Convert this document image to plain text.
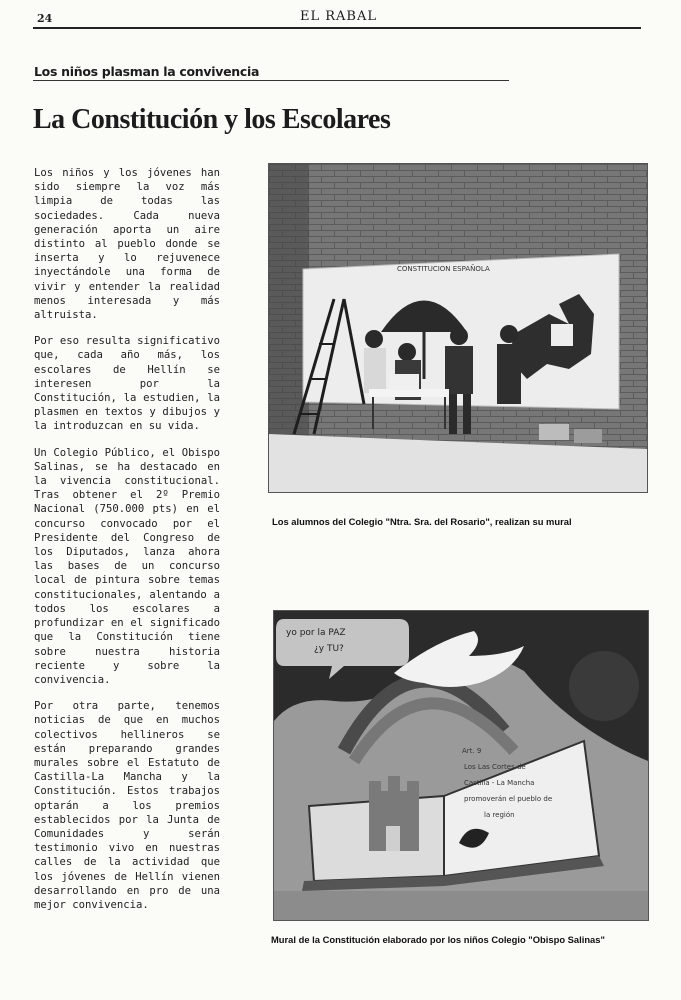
24	EL RABAL
Los niños plasman la convivencia
La Constitución y los Escolares

Los niños y los jóvenes han sido siempre la voz más limpia de todas las sociedades. Cada nueva generación aporta un aire distinto al pueblo donde se inserta y lo rejuvenece inyectándole una forma de vivir y entender la realidad menos interesada y más altruista.

Por eso resulta significativo que, cada año más, los escolares de Hellín se interesen por la Constitución, la estudien, la plasmen en textos y dibujos y la introduzcan en su vida.

Un Colegio Público, el Obispo Salinas, se ha destacado en la vivencia constitucional. Tras obtener el 2º Premio Nacional (750.000 pts) en el concurso convocado por el Presidente del Congreso de los Diputados, lanza ahora las bases de un concurso local de pintura sobre temas constitucionales, alentando a todos los escolares a profundizar en el significado que la Constitución tiene sobre nuestra historia reciente y sobre la convivencia.

Por otra parte, tenemos noticias de que en muchos colectivos hellineros se están preparando grandes murales sobre el Estatuto de Castilla-La Mancha y la Constitución. Estos trabajos optarán a los premios establecidos por la Junta de Comunidades y serán testimonio vivo en nuestras calles de la actividad que los jóvenes de Hellín vienen desarrollando en pro de una mejor convivencia.

CONSTITUCION ESPAÑOLA
Los alumnos del Colegio "Ntra. Sra. del Rosario", realizan su mural
yo por la PAZ
¿y TU?
Art. 9
Los Las Cortes de
Castilla - La Mancha
promoverán el pueblo de
la región
Mural de la Constitución elaborado por los niños Colegio "Obispo Salinas"
